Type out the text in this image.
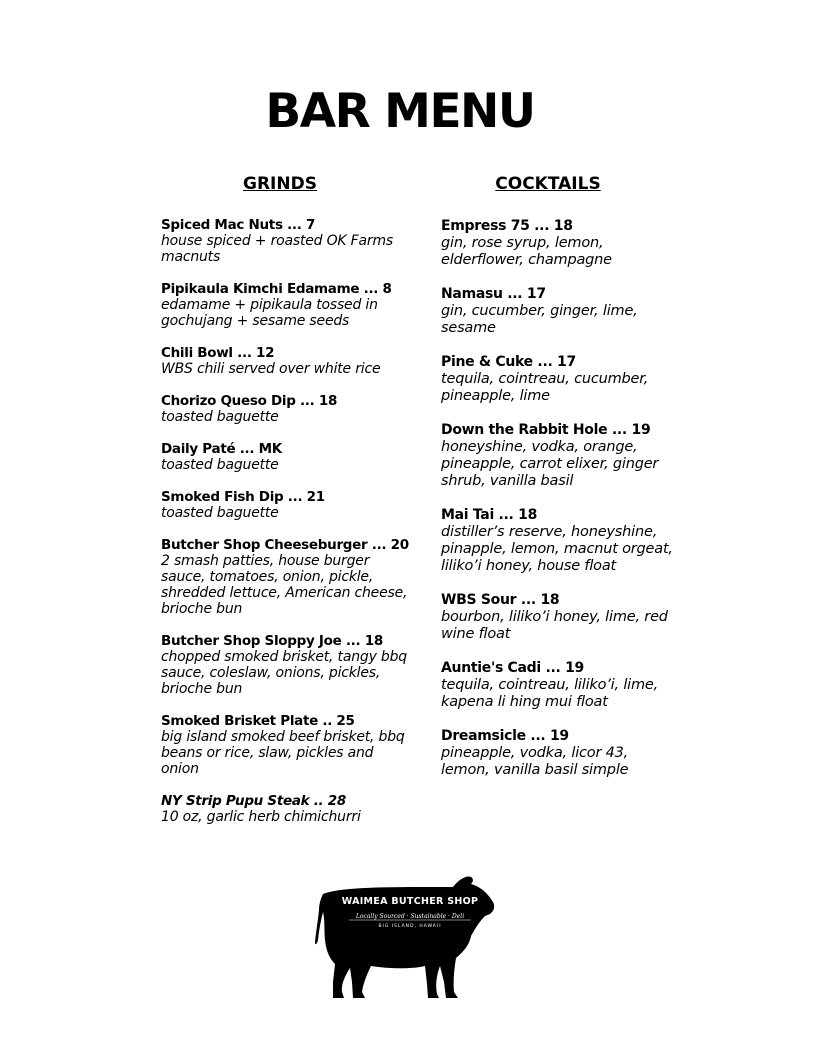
BAR MENU
GRINDS
Spiced Mac Nuts ... 7
house spiced + roasted OK Farms macnuts
Pipikaula Kimchi Edamame ... 8
edamame + pipikaula tossed in gochujang + sesame seeds
Chili Bowl ... 12
WBS chili served over white rice
Chorizo Queso Dip ... 18
toasted baguette
Daily Paté ... MK
toasted baguette
Smoked Fish Dip ... 21
toasted baguette
Butcher Shop Cheeseburger ... 20
2 smash patties, house burger sauce, tomatoes, onion, pickle, shredded lettuce, American cheese, brioche bun
Butcher Shop Sloppy Joe ... 18
chopped smoked brisket, tangy bbq sauce, coleslaw, onions, pickles, brioche bun
Smoked Brisket Plate .. 25
big island smoked beef brisket, bbq beans or rice, slaw, pickles and onion
NY Strip Pupu Steak .. 28
10 oz, garlic herb chimichurri
COCKTAILS
Empress 75 ... 18
gin, rose syrup, lemon, elderflower, champagne
Namasu ... 17
gin, cucumber, ginger, lime, sesame
Pine & Cuke ... 17
tequila, cointreau, cucumber, pineapple, lime
Down the Rabbit Hole ... 19
honeyshine, vodka, orange, pineapple, carrot elixer, ginger shrub, vanilla basil
Mai Tai ... 18
distiller’s reserve, honeyshine, pinapple, lemon, macnut orgeat, liliko’i honey, house float
WBS Sour ... 18
bourbon, liliko’i honey, lime, red wine float
Auntie's Cadi ... 19
tequila, cointreau, liliko’i, lime, kapena li hing mui float
Dreamsicle ... 19
pineapple, vodka, licor 43, lemon, vanilla basil simple
WAIMEA BUTCHER SHOP
Locally Sourced · Sustainable · Deli
BIG ISLAND, HAWAII
